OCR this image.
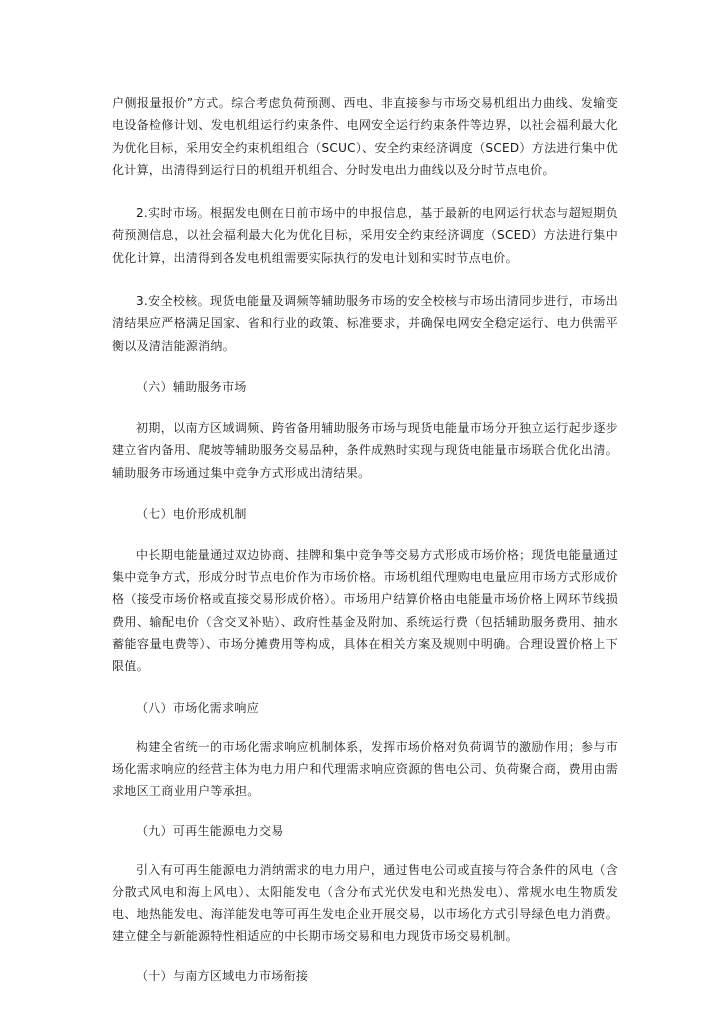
户侧报量报价”方式。综合考虑负荷预测、西电、非直接参与市场交易机组出力曲线、发输变电设备检修计划、发电机组运行约束条件、电网安全运行约束条件等边界，以社会福利最大化为优化目标，采用安全约束机组组合（SCUC）、安全约束经济调度（SCED）方法进行集中优化计算，出清得到运行日的机组开机组合、分时发电出力曲线以及分时节点电价。

2.实时市场。根据发电侧在日前市场中的申报信息，基于最新的电网运行状态与超短期负荷预测信息，以社会福利最大化为优化目标，采用安全约束经济调度（SCED）方法进行集中优化计算，出清得到各发电机组需要实际执行的发电计划和实时节点电价。

3.安全校核。现货电能量及调频等辅助服务市场的安全校核与市场出清同步进行，市场出清结果应严格满足国家、省和行业的政策、标准要求，并确保电网安全稳定运行、电力供需平衡以及清洁能源消纳。

（六）辅助服务市场

初期，以南方区域调频、跨省备用辅助服务市场与现货电能量市场分开独立运行起步逐步建立省内备用、爬坡等辅助服务交易品种，条件成熟时实现与现货电能量市场联合优化出清。辅助服务市场通过集中竞争方式形成出清结果。

（七）电价形成机制

中长期电能量通过双边协商、挂牌和集中竞争等交易方式形成市场价格；现货电能量通过集中竞争方式，形成分时节点电价作为市场价格。市场机组代理购电电量应用市场方式形成价格（接受市场价格或直接交易形成价格）。市场用户结算价格由电能量市场价格上网环节线损费用、输配电价（含交叉补贴）、政府性基金及附加、系统运行费（包括辅助服务费用、抽水蓄能容量电费等）、市场分摊费用等构成，具体在相关方案及规则中明确。合理设置价格上下限值。

（八）市场化需求响应

构建全省统一的市场化需求响应机制体系，发挥市场价格对负荷调节的激励作用；参与市场化需求响应的经营主体为电力用户和代理需求响应资源的售电公司、负荷聚合商，费用由需求地区工商业用户等承担。

（九）可再生能源电力交易

引入有可再生能源电力消纳需求的电力用户，通过售电公司或直接与符合条件的风电（含分散式风电和海上风电）、太阳能发电（含分布式光伏发电和光热发电）、常规水电生物质发电、地热能发电、海洋能发电等可再生发电企业开展交易，以市场化方式引导绿色电力消费。建立健全与新能源特性相适应的中长期市场交易和电力现货市场交易机制。

（十）与南方区域电力市场衔接
